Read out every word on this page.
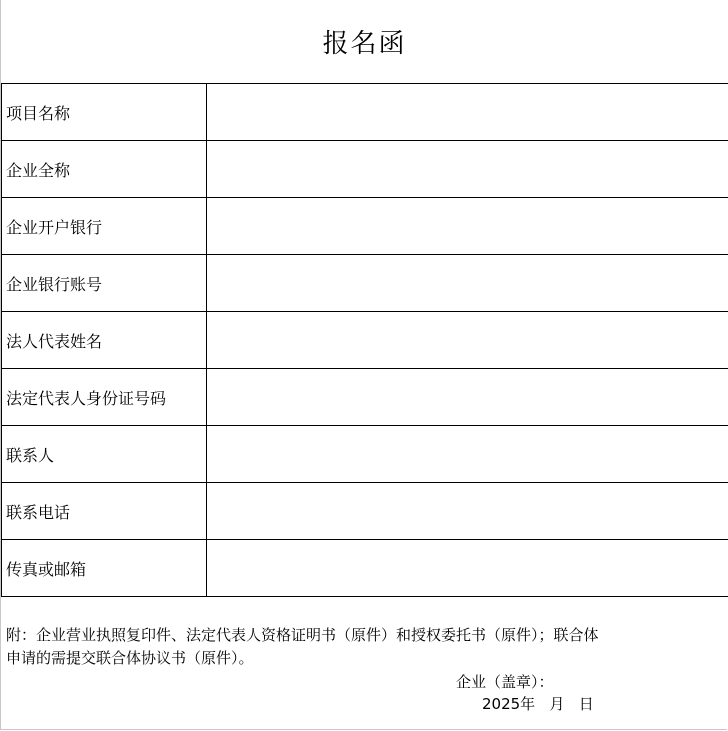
报名函
项目名称	
企业全称	
企业开户银行	
企业银行账号	
法人代表姓名	
法定代表人身份证号码	
联系人	
联系电话	
传真或邮箱	
附：企业营业执照复印件、法定代表人资格证明书（原件）和授权委托书（原件）；联合体
申请的需提交联合体协议书（原件）。
企业（盖章）：
2025年   月   日
